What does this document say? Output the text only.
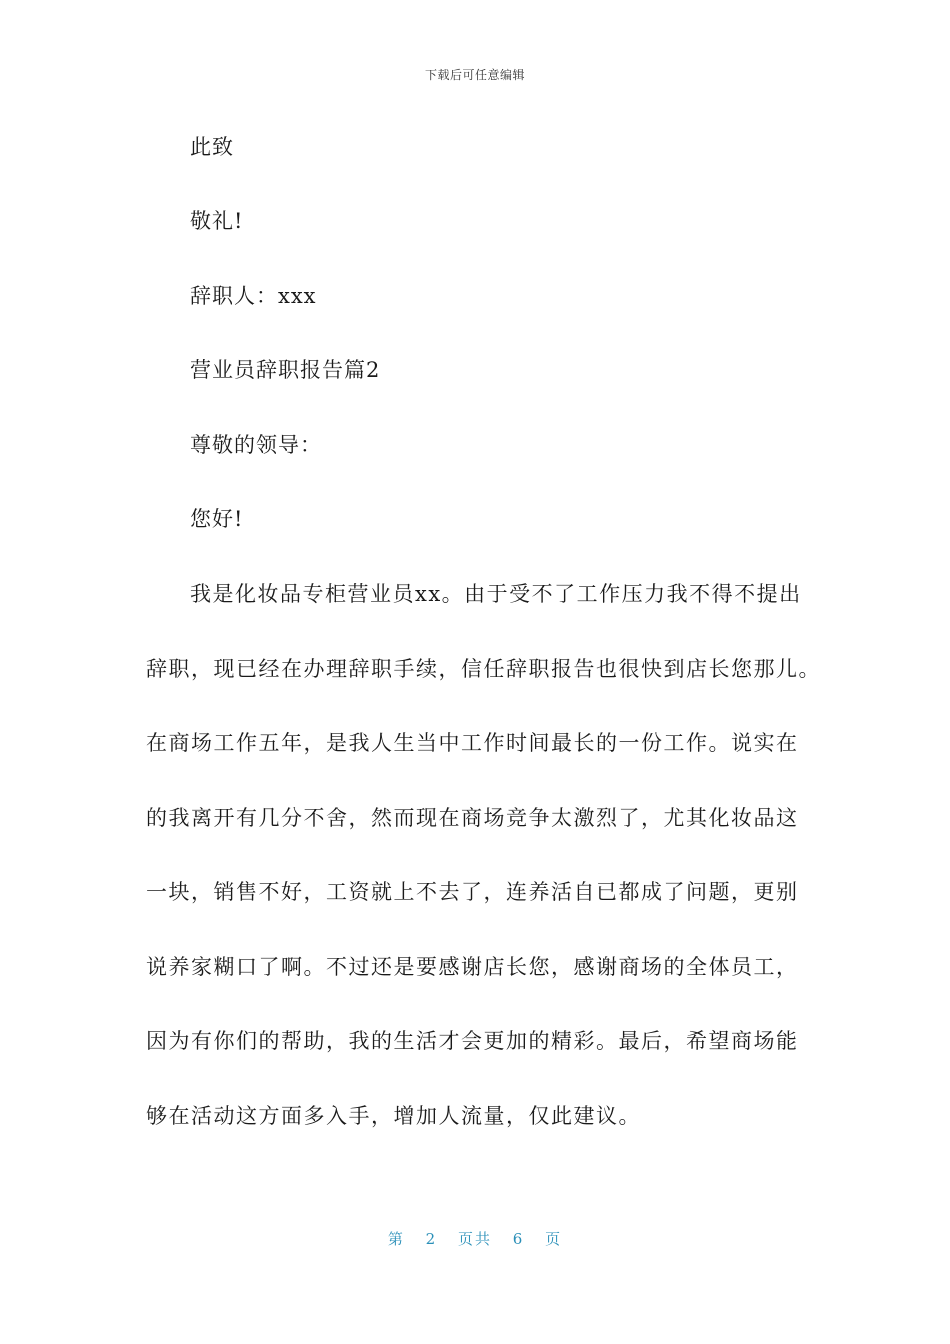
下载后可任意编辑
此致
敬礼!
辞职人：xxx
营业员辞职报告篇2
尊敬的领导：
您好!
我是化妆品专柜营业员xx。由于受不了工作压力我不得不提出
辞职，现已经在办理辞职手续，信任辞职报告也很快到店长您那儿。
在商场工作五年，是我人生当中工作时间最长的一份工作。说实在
的我离开有几分不舍，然而现在商场竞争太激烈了，尤其化妆品这
一块，销售不好，工资就上不去了，连养活自已都成了问题，更别
说养家糊口了啊。不过还是要感谢店长您，感谢商场的全体员工，
因为有你们的帮助，我的生活才会更加的精彩。最后，希望商场能
够在活动这方面多入手，增加人流量，仅此建议。
第 2 页共 6 页
